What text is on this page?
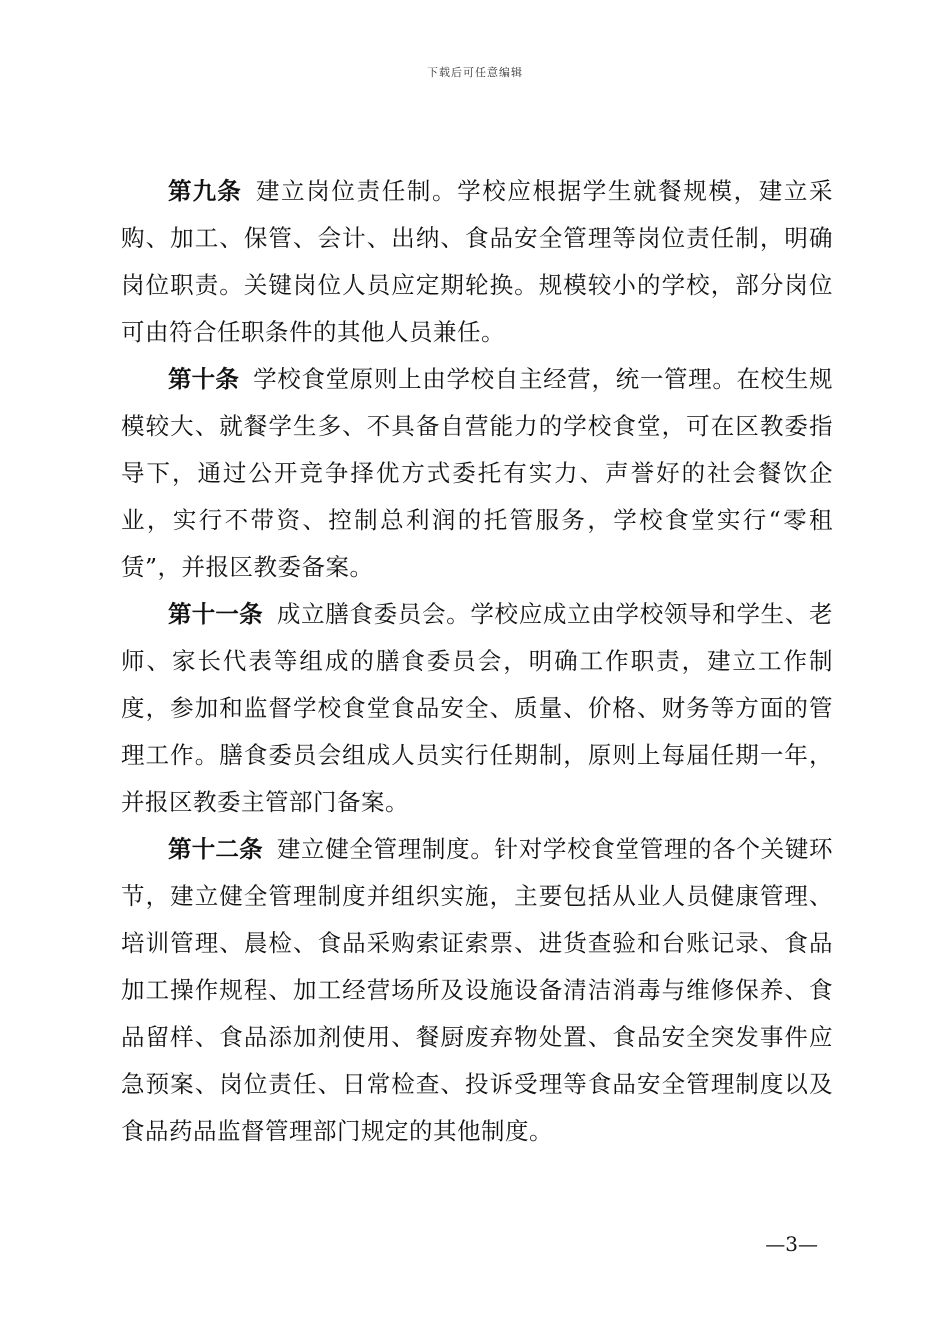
下载后可任意编辑

第九条 建立岗位责任制。学校应根据学生就餐规模，建立采购、加工、保管、会计、出纳、食品安全管理等岗位责任制，明确岗位职责。关键岗位人员应定期轮换。规模较小的学校，部分岗位可由符合任职条件的其他人员兼任。

第十条 学校食堂原则上由学校自主经营，统一管理。在校生规模较大、就餐学生多、不具备自营能力的学校食堂，可在区教委指导下，通过公开竞争择优方式委托有实力、声誉好的社会餐饮企业，实行不带资、控制总利润的托管服务，学校食堂实行“零租赁”，并报区教委备案。

第十一条 成立膳食委员会。学校应成立由学校领导和学生、老师、家长代表等组成的膳食委员会，明确工作职责，建立工作制度，参加和监督学校食堂食品安全、质量、价格、财务等方面的管理工作。膳食委员会组成人员实行任期制，原则上每届任期一年，并报区教委主管部门备案。

第十二条 建立健全管理制度。针对学校食堂管理的各个关键环节，建立健全管理制度并组织实施，主要包括从业人员健康管理、培训管理、晨检、食品采购索证索票、进货查验和台账记录、食品加工操作规程、加工经营场所及设施设备清洁消毒与维修保养、食品留样、食品添加剂使用、餐厨废弃物处置、食品安全突发事件应急预案、岗位责任、日常检查、投诉受理等食品安全管理制度以及食品药品监督管理部门规定的其他制度。

—3—
